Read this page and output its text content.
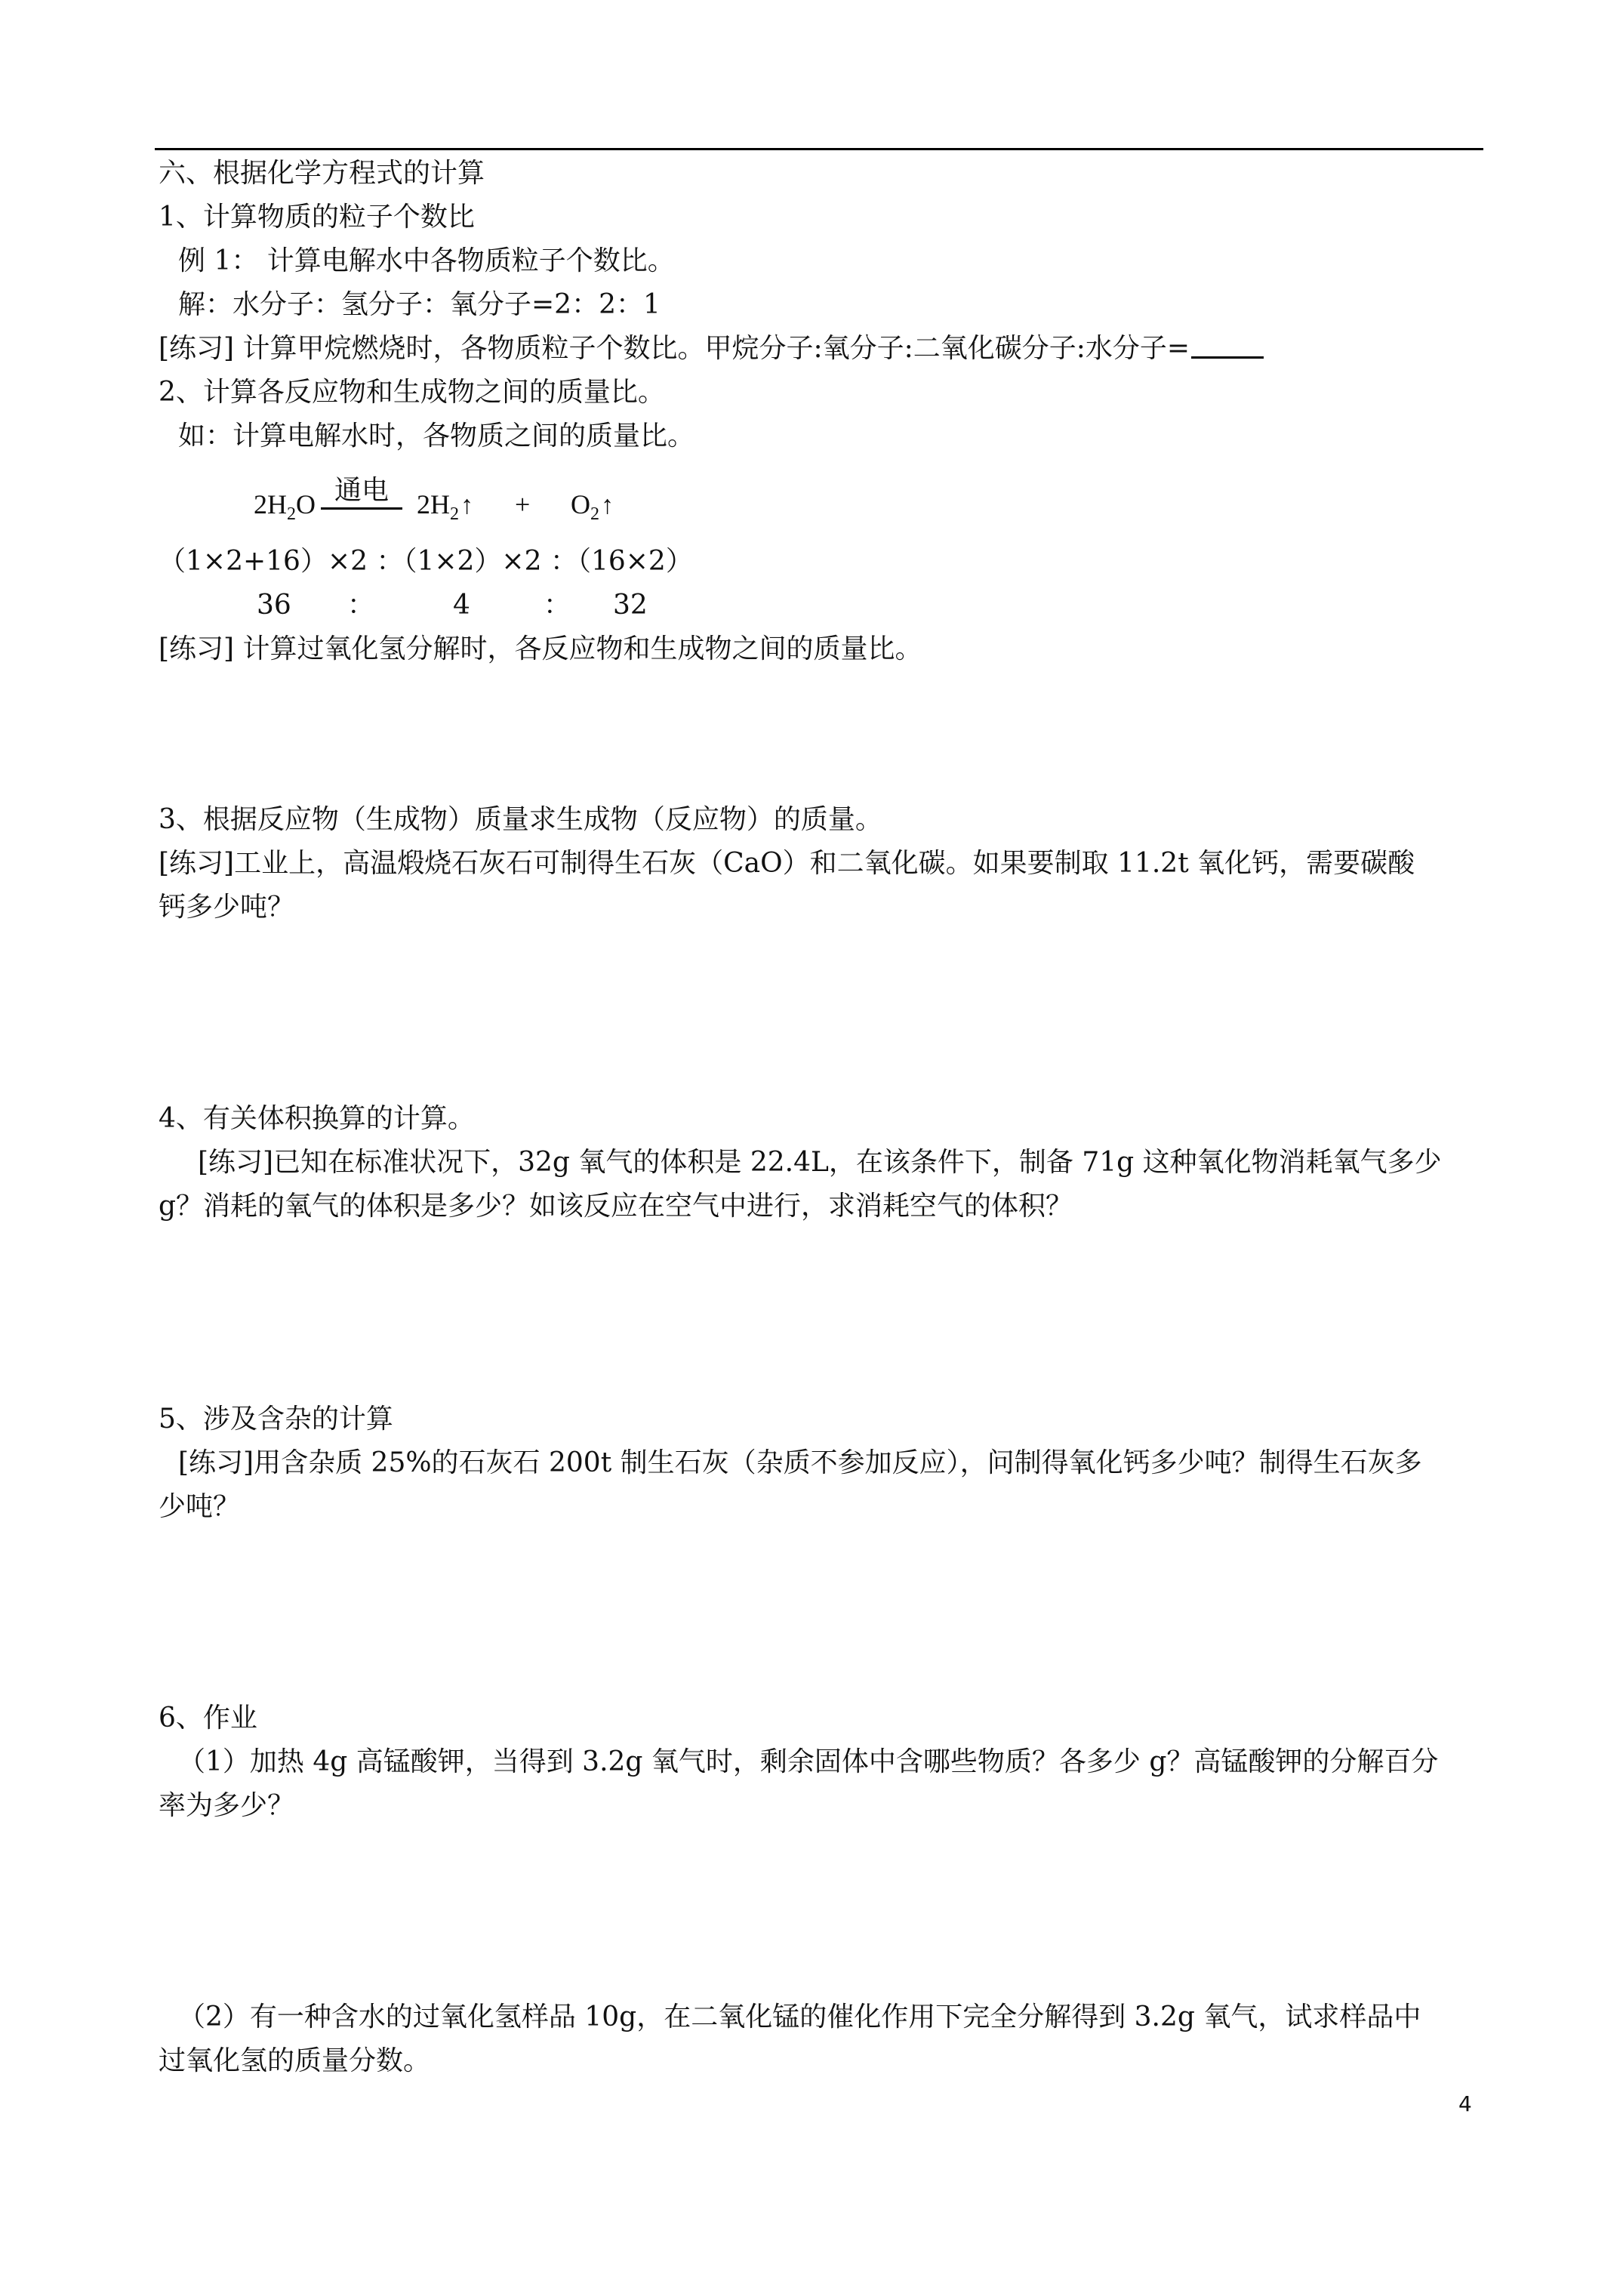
六、根据化学方程式的计算
1、计算物质的粒子个数比
例 1： 计算电解水中各物质粒子个数比。
解：水分子：氢分子：氧分子=2：2：1
[练习] 计算甲烷燃烧时，各物质粒子个数比。甲烷分子:氧分子:二氧化碳分子:水分子=
2、计算各反应物和生成物之间的质量比。
如：计算电解水时，各物质之间的质量比。
$2H_2O$ 通电	$2H_2↑$ + $O_2↑$
（1×2+16）×2 ：（1×2）×2 ：（16×2）
36 ：	4	： 32
[练习] 计算过氧化氢分解时，各反应物和生成物之间的质量比。
3、根据反应物（生成物）质量求生成物（反应物）的质量。
[练习]工业上，高温煅烧石灰石可制得生石灰（CaO）和二氧化碳。如果要制取 11.2t 氧化钙，需要碳酸
钙多少吨？
4、有关体积换算的计算。
[练习]已知在标准状况下，32g 氧气的体积是 22.4L，在该条件下，制备 71g 这种氧化物消耗氧气多少
g？消耗的氧气的体积是多少？如该反应在空气中进行，求消耗空气的体积？
5、涉及含杂的计算
[练习]用含杂质 25%的石灰石 200t 制生石灰（杂质不参加反应），问制得氧化钙多少吨？制得生石灰多
少吨？
6、作业
（1）加热 4g 高锰酸钾，当得到 3.2g 氧气时，剩余固体中含哪些物质？各多少 g？高锰酸钾的分解百分
率为多少？
（2）有一种含水的过氧化氢样品 10g，在二氧化锰的催化作用下完全分解得到 3.2g 氧气，试求样品中
过氧化氢的质量分数。
4
